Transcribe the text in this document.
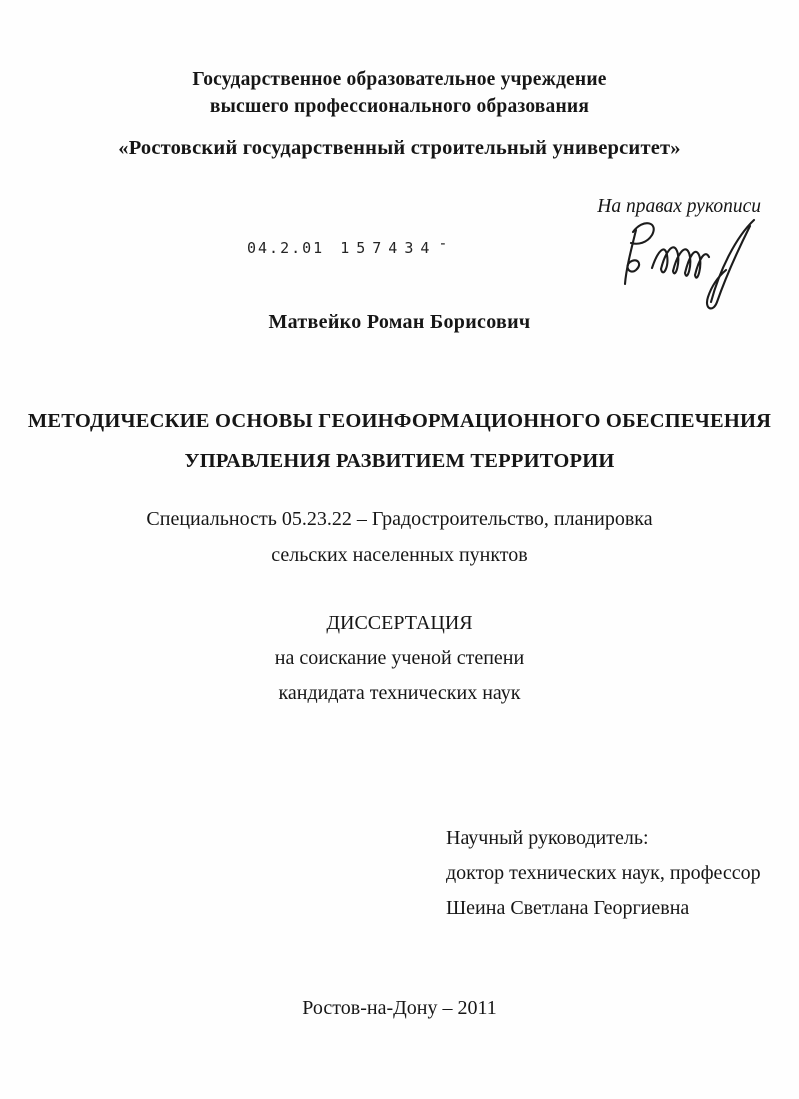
Государственное образовательное учреждение
высшего профессионального образования
«Ростовский государственный строительный университет»
На правах рукописи
04.2.01 157434 -
Матвейко Роман Борисович
МЕТОДИЧЕСКИЕ ОСНОВЫ ГЕОИНФОРМАЦИОННОГО ОБЕСПЕЧЕНИЯ
УПРАВЛЕНИЯ РАЗВИТИЕМ ТЕРРИТОРИИ
Специальность 05.23.22 – Градостроительство, планировка
сельских населенных пунктов
ДИССЕРТАЦИЯ
на соискание ученой степени
кандидата технических наук
Научный руководитель:
доктор технических наук, профессор
Шеина Светлана Георгиевна
Ростов-на-Дону – 2011
